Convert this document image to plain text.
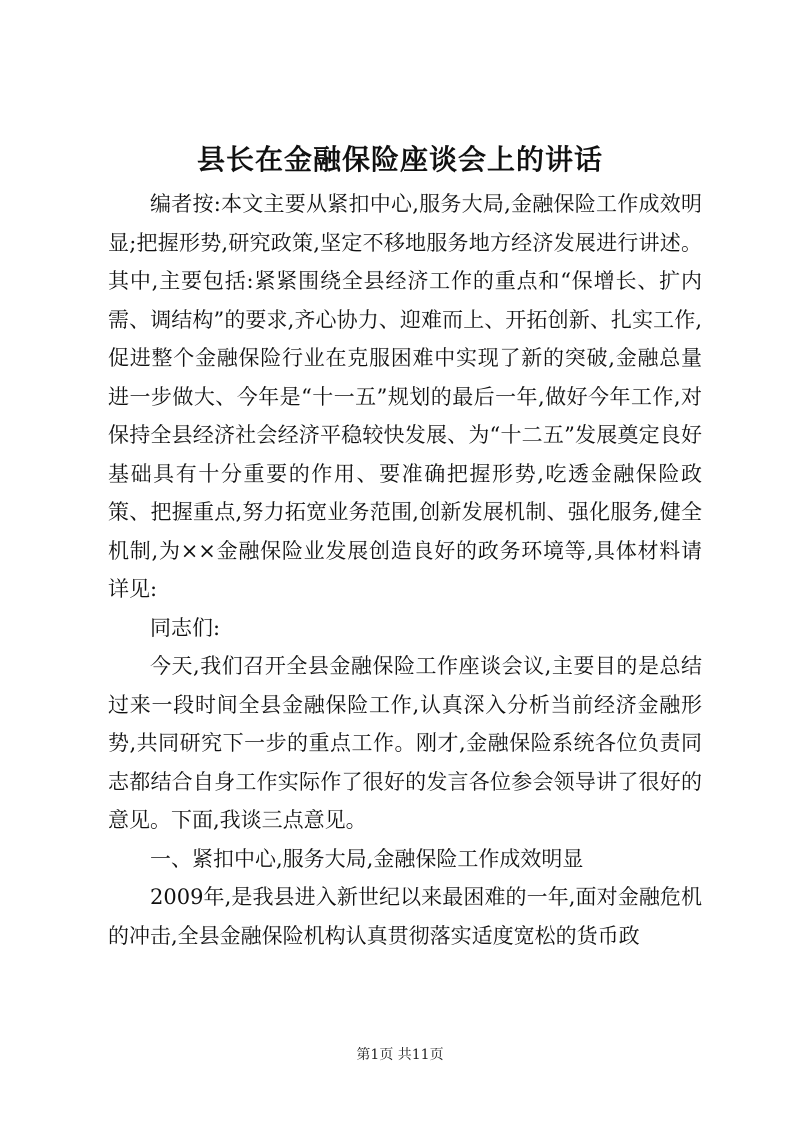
县长在金融保险座谈会上的讲话

编者按:本文主要从紧扣中心,服务大局,金融保险工作成效明显;把握形势,研究政策,坚定不移地服务地方经济发展进行讲述。其中,主要包括:紧紧围绕全县经济工作的重点和“保增长、扩内需、调结构”的要求,齐心协力、迎难而上、开拓创新、扎实工作,促进整个金融保险行业在克服困难中实现了新的突破,金融总量进一步做大、今年是“十一五”规划的最后一年,做好今年工作,对保持全县经济社会经济平稳较快发展、为“十二五”发展奠定良好基础具有十分重要的作用、要准确把握形势,吃透金融保险政策、把握重点,努力拓宽业务范围,创新发展机制、强化服务,健全机制,为××金融保险业发展创造良好的政务环境等,具体材料请详见:

同志们:

今天,我们召开全县金融保险工作座谈会议,主要目的是总结过来一段时间全县金融保险工作,认真深入分析当前经济金融形势,共同研究下一步的重点工作。刚才,金融保险系统各位负责同志都结合自身工作实际作了很好的发言各位参会领导讲了很好的意见。下面,我谈三点意见。

一、紧扣中心,服务大局,金融保险工作成效明显

2009年,是我县进入新世纪以来最困难的一年,面对金融危机的冲击,全县金融保险机构认真贯彻落实适度宽松的货币政

第1页 共11页
